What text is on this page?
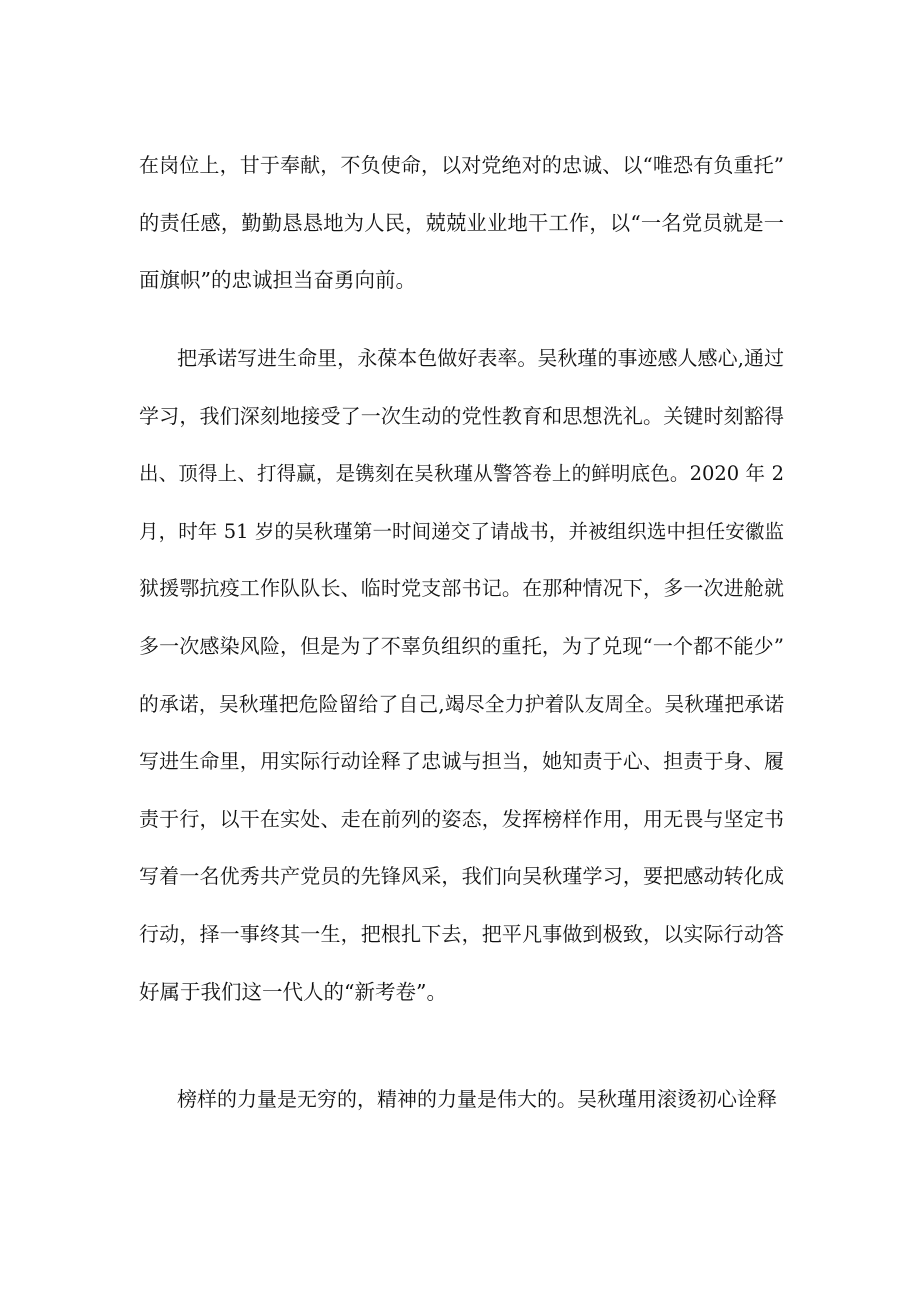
在岗位上，甘于奉献，不负使命，以对党绝对的忠诚、以“唯恐有负重托”
的责任感，勤勤恳恳地为人民，兢兢业业地干工作，以“一名党员就是一
面旗帜”的忠诚担当奋勇向前。
把承诺写进生命里，永葆本色做好表率。吴秋瑾的事迹感人感心,通过
学习，我们深刻地接受了一次生动的党性教育和思想洗礼。关键时刻豁得
出、顶得上、打得赢，是镌刻在吴秋瑾从警答卷上的鲜明底色。2020 年 2
月，时年 51 岁的吴秋瑾第一时间递交了请战书，并被组织选中担任安徽监
狱援鄂抗疫工作队队长、临时党支部书记。在那种情况下，多一次进舱就
多一次感染风险，但是为了不辜负组织的重托，为了兑现“一个都不能少”
的承诺，吴秋瑾把危险留给了自己,竭尽全力护着队友周全。吴秋瑾把承诺
写进生命里，用实际行动诠释了忠诚与担当，她知责于心、担责于身、履
责于行，以干在实处、走在前列的姿态，发挥榜样作用，用无畏与坚定书
写着一名优秀共产党员的先锋风采，我们向吴秋瑾学习，要把感动转化成
行动，择一事终其一生，把根扎下去，把平凡事做到极致，以实际行动答
好属于我们这一代人的“新考卷”。
榜样的力量是无穷的，精神的力量是伟大的。吴秋瑾用滚烫初心诠释
